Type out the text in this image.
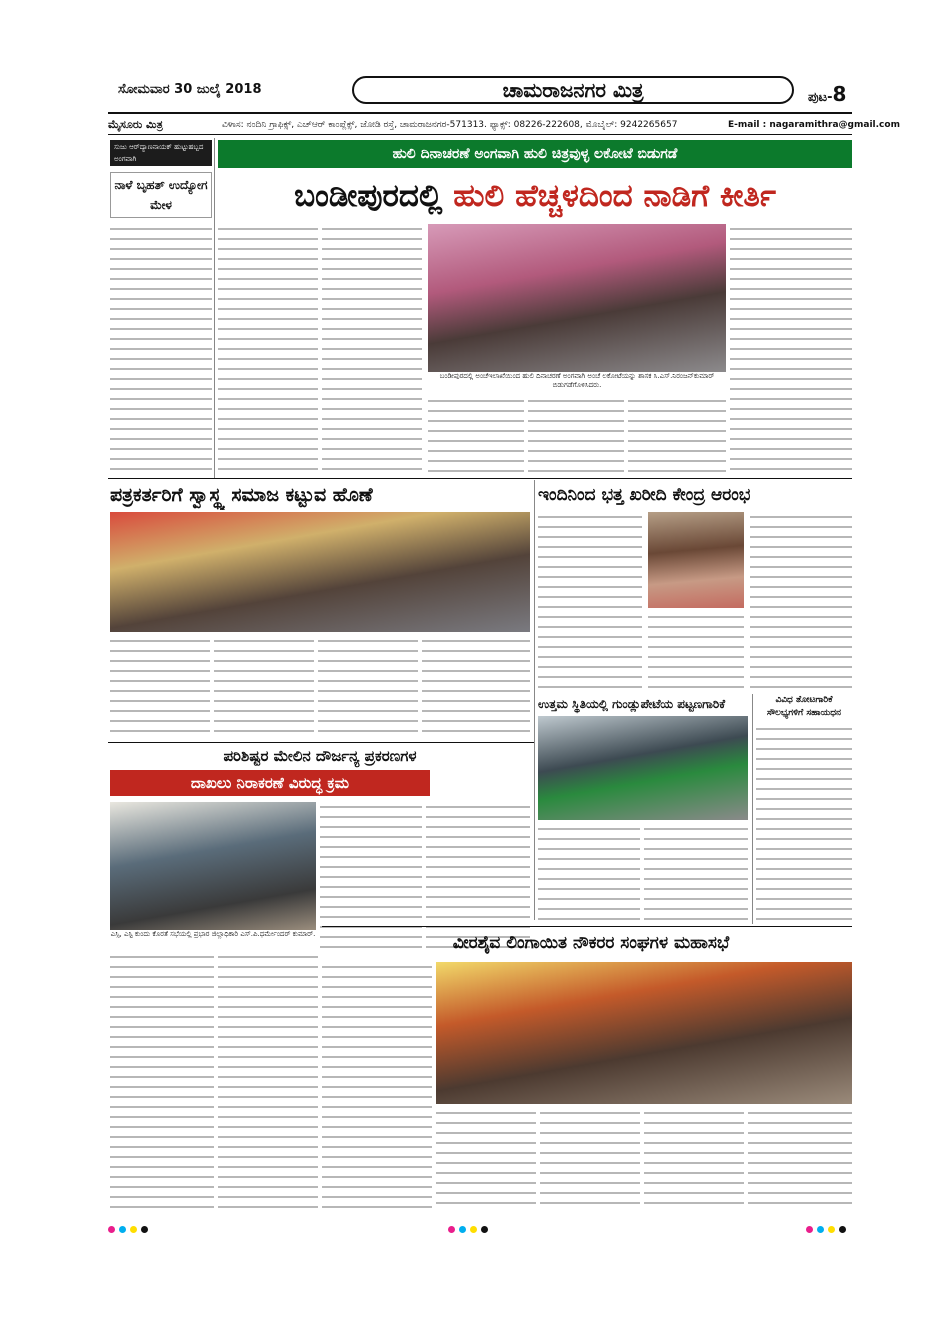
ಸೋಮವಾರ 30 ಜುಲೈ 2018	ಚಾಮರಾಜನಗರ ಮಿತ್ರ	ಪುಟ-8
ಮೈಸೂರು ಮಿತ್ರ	ವಿಳಾಸ: ನಂದಿನಿ ಗ್ರಾಫಿಕ್ಸ್, ಎಚ್‌ಆರ್ ಕಾಂಪ್ಲೆಕ್ಸ್, ಜೋಡಿ ರಸ್ತೆ, ಚಾಮರಾಜನಗರ-571313. ಫ್ಯಾಕ್ಸ್: 08226-222608, ಮೊಬೈಲ್: 9242265657	E-mail : nagaramithra@gmail.com
ಸುಜು ಆರ್‌ದ್ಯಾಣನಾಯಕ್ ಹುಟ್ಟುಹಬ್ಬದ ಅಂಗವಾಗಿ
ನಾಳೆ ಬೃಹತ್ ಉದ್ಯೋಗ ಮೇಳ
ಹುಲಿ ದಿನಾಚರಣೆ ಅಂಗವಾಗಿ ಹುಲಿ ಚಿತ್ರವುಳ್ಳ ಲಕೋಟೆ ಬಿಡುಗಡೆ
ಬಂಡೀಪುರದಲ್ಲಿ ಹುಲಿ ಹೆಚ್ಚಳದಿಂದ ನಾಡಿಗೆ ಕೀರ್ತಿ
ಬಂಡೀಪುರದಲ್ಲಿ ಅಂಚೆಇಲಾಖೆಯಿಂದ ಹುಲಿ ದಿನಾಚರಣೆ ಅಂಗವಾಗಿ ಅಂಚೆ ಲಕೋಟೆಯನ್ನು ಶಾಸಕ ಸಿ.ಎಸ್.ನಿರಂಜನ್‌ಕುಮಾರ್ ಬಿಡುಗಡೆಗೊಳಿಸಿದರು.
ಪತ್ರಕರ್ತರಿಗೆ ಸ್ವಾಸ್ಥ್ಯ ಸಮಾಜ ಕಟ್ಟುವ ಹೊಣೆ	ಇಂದಿನಿಂದ ಭತ್ತ ಖರೀದಿ ಕೇಂದ್ರ ಆರಂಭ
ಪರಿಶಿಷ್ಟರ ಮೇಲಿನ ದೌರ್ಜನ್ಯ ಪ್ರಕರಣಗಳ
ದಾಖಲು ನಿರಾಕರಣೆ ವಿರುದ್ಧ ಕ್ರಮ
ಎಸ್ಸಿ, ಎಸ್ಟಿ ಕುಂದು ಕೊರತೆ ಸಭೆಯಲ್ಲಿ ಪ್ರಭಾರ ಜಿಲ್ಲಾಧಿಕಾರಿ ಎಸ್.ಪಿ.ಧರ್ಮೇಂದರ್ ಕುಮಾರ್.
ಉತ್ತಮ ಸ್ಥಿತಿಯಲ್ಲಿ ಗುಂಡ್ಲುಪೇಟೆಯ ಪಟ್ಟಣಗಾರಿಕೆ	ವಿವಿಧ ತೋಟಗಾರಿಕೆ ಸೌಲಭ್ಯಗಳಿಗೆ ಸಹಾಯಧನ
ವೀರಶೈವ ಲಿಂಗಾಯಿತ ನೌಕರರ ಸಂಘಗಳ ಮಹಾಸಭೆ
